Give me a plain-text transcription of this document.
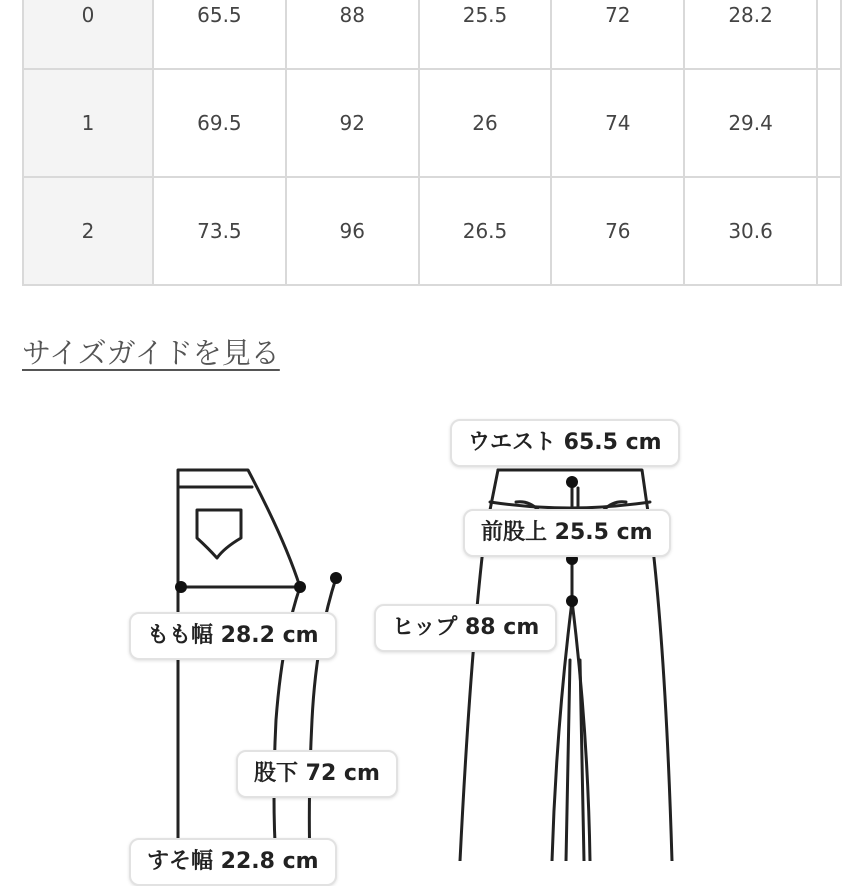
0	65.5	88	25.5	72	28.2	
1	69.5	92	26	74	29.4	
2	73.5	96	26.5	76	30.6	
サイズガイドを見る
ウエスト 65.5 cm
前股上 25.5 cm
ヒップ 88 cm
もも幅 28.2 cm
股下 72 cm
すそ幅 22.8 cm
